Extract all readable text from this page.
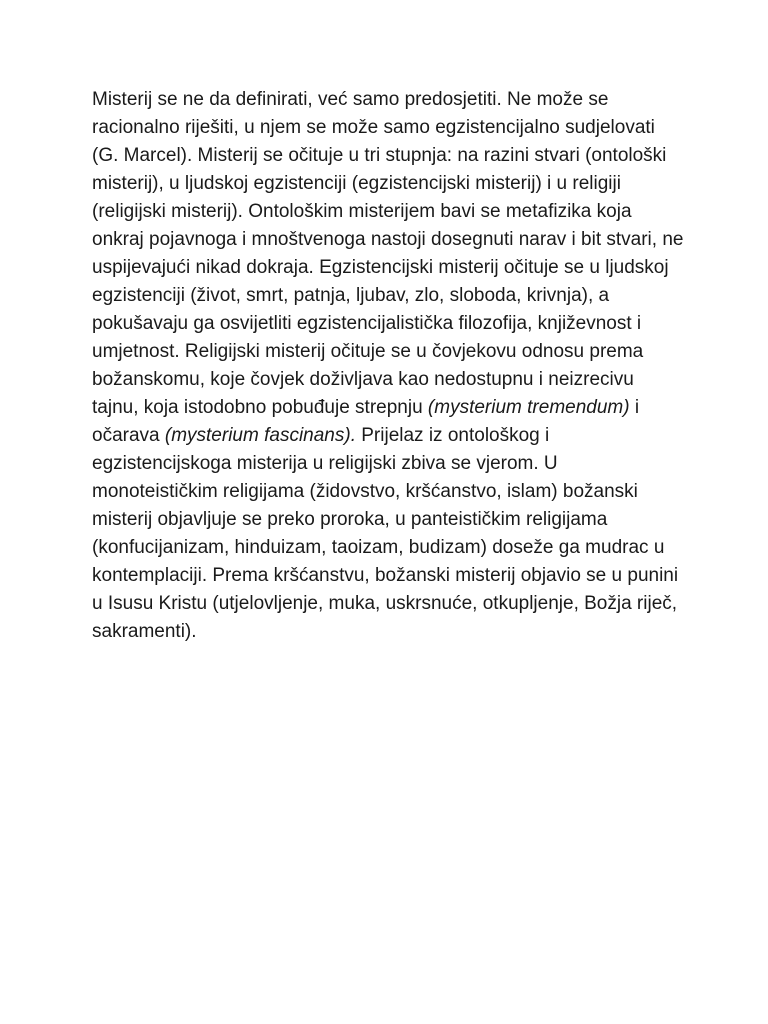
Misterij se ne da definirati, već samo predosjetiti. Ne može se racionalno riješiti, u njem se može samo egzistencijalno sudjelovati (G. Marcel). Misterij se očituje u tri stupnja: na razini stvari (ontološki misterij), u ljudskoj egzistenciji (egzistencijski misterij) i u religiji (religijski misterij). Ontološkim misterijem bavi se metafizika koja onkraj pojavnoga i mnoštvenoga nastoji dosegnuti narav i bit stvari, ne uspijevajući nikad dokraja. Egzistencijski misterij očituje se u ljudskoj egzistenciji (život, smrt, patnja, ljubav, zlo, sloboda, krivnja), a pokušavaju ga osvijetliti egzistencijalistička filozofija, književnost i umjetnost. Religijski misterij očituje se u čovjekovu odnosu prema božanskomu, koje čovjek doživljava kao nedostupnu i neizrecivu tajnu, koja istodobno pobuđuje strepnju (mysterium tremendum) i očarava (mysterium fascinans). Prijelaz iz ontološkog i egzistencijskoga misterija u religijski zbiva se vjerom. U monoteističkim religijama (židovstvo, kršćanstvo, islam) božanski misterij objavljuje se preko proroka, u panteističkim religijama (konfucijanizam, hinduizam, taoizam, budizam) doseže ga mudrac u kontemplaciji. Prema kršćanstvu, božanski misterij objavio se u punini u Isusu Kristu (utjelovljenje, muka, uskrsnuće, otkupljenje, Božja riječ, sakramenti).
